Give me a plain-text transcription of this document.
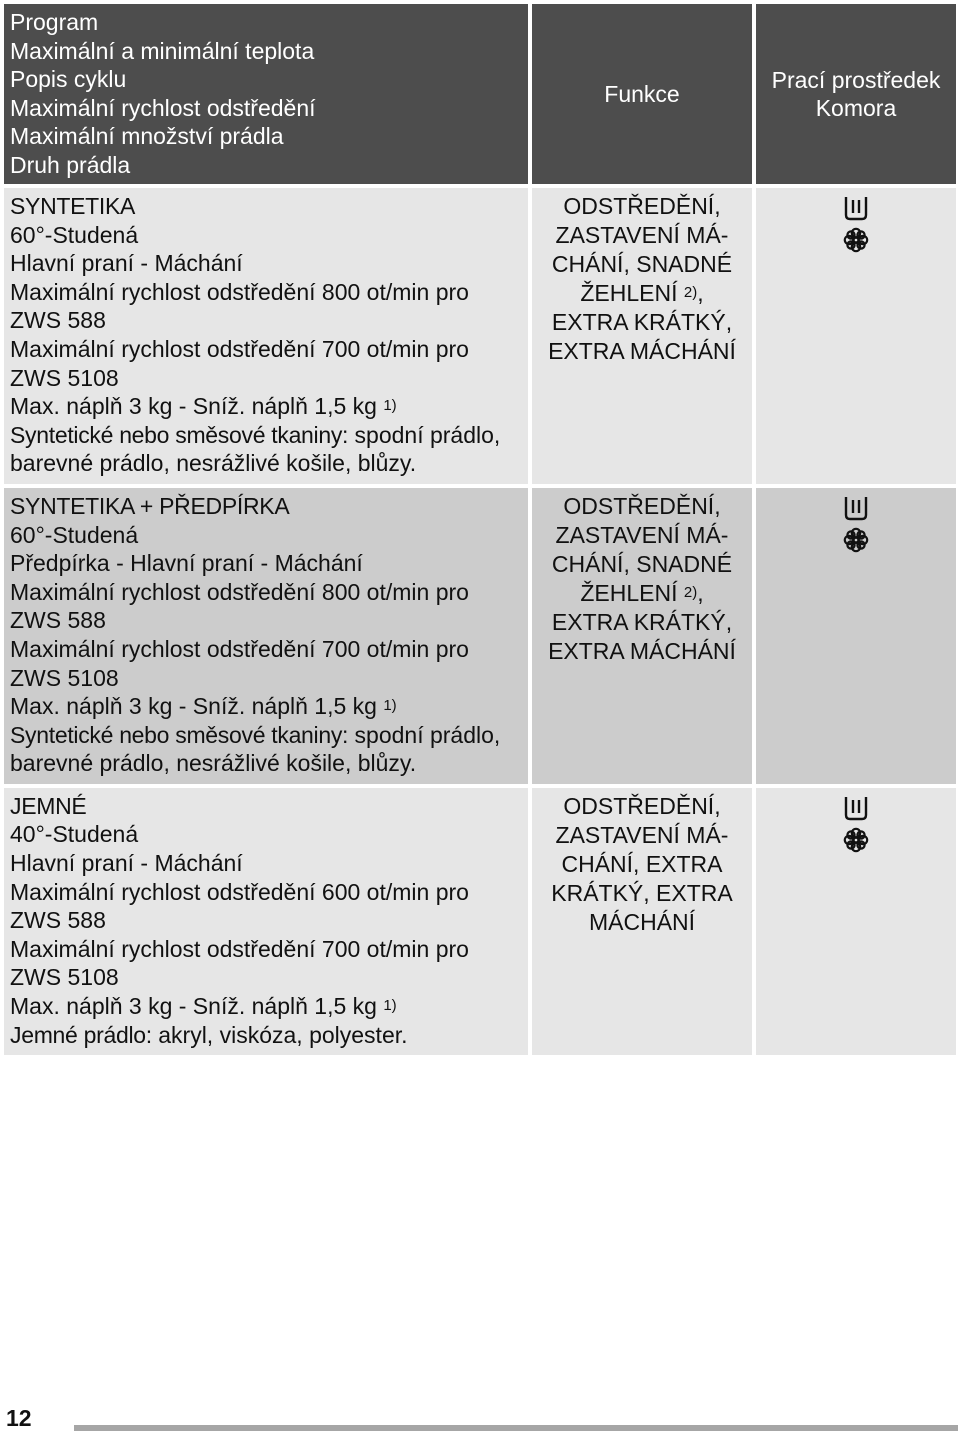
Program
Maximální a minimální teplota
Popis cyklu
Maximální rychlost odstředění
Maximální množství prádla
Druh prádla
Funkce
Prací prostředek
Komora
SYNTETIKA
60°-Studená
Hlavní praní - Máchání
Maximální rychlost odstředění 800 ot/min pro
ZWS 588
Maximální rychlost odstředění 700 ot/min pro
ZWS 5108
Max. náplň 3 kg - Sníž. náplň 1,5 kg $^{1)}$
Syntetické nebo směsové tkaniny: spodní prádlo, barevné prádlo, nesrážlivé košile, blůzy.
ODSTŘEDĚNÍ,
ZASTAVENÍ MÁ-
CHÁNÍ, SNADNÉ
ŽEHLENÍ $^{2)}$,
EXTRA KRÁTKÝ,
EXTRA MÁCHÁNÍ
SYNTETIKA + PŘEDPÍRKA
60°-Studená
Předpírka - Hlavní praní - Máchání
Maximální rychlost odstředění 800 ot/min pro
ZWS 588
Maximální rychlost odstředění 700 ot/min pro
ZWS 5108
Max. náplň 3 kg - Sníž. náplň 1,5 kg $^{1)}$
Syntetické nebo směsové tkaniny: spodní prádlo, barevné prádlo, nesrážlivé košile, blůzy.
ODSTŘEDĚNÍ,
ZASTAVENÍ MÁ-
CHÁNÍ, SNADNÉ
ŽEHLENÍ $^{2)}$,
EXTRA KRÁTKÝ,
EXTRA MÁCHÁNÍ
JEMNÉ
40°-Studená
Hlavní praní - Máchání
Maximální rychlost odstředění 600 ot/min pro
ZWS 588
Maximální rychlost odstředění 700 ot/min pro
ZWS 5108
Max. náplň 3 kg - Sníž. náplň 1,5 kg $^{1)}$
Jemné prádlo: akryl, viskóza, polyester.
ODSTŘEDĚNÍ,
ZASTAVENÍ MÁ-
CHÁNÍ, EXTRA
KRÁTKÝ, EXTRA
MÁCHÁNÍ
12
